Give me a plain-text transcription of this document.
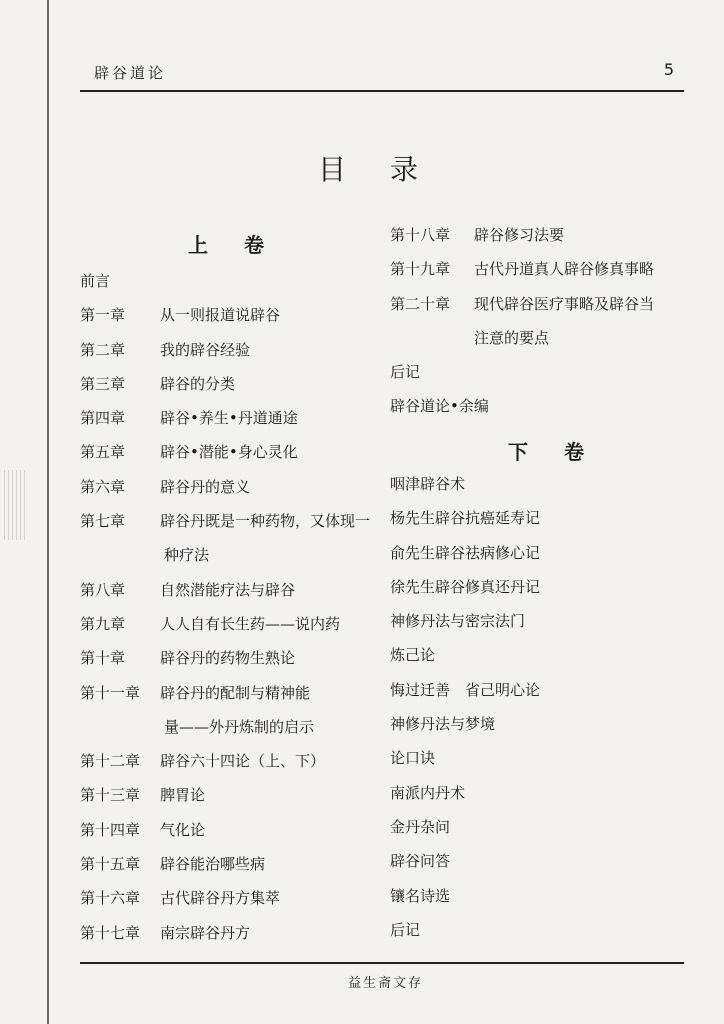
辟谷道论	5
目录
上卷
前言
第一章	从一则报道说辟谷
第二章	我的辟谷经验
第三章	辟谷的分类
第四章	辟谷•养生•丹道通途
第五章	辟谷•潜能•身心灵化
第六章	辟谷丹的意义
第七章	辟谷丹既是一种药物，又体现一
种疗法
第八章	自然潜能疗法与辟谷
第九章	人人自有长生药——说内药
第十章	辟谷丹的药物生熟论
第十一章	辟谷丹的配制与精神能
量——外丹炼制的启示
第十二章	辟谷六十四论（上、下）
第十三章	脾胃论
第十四章	气化论
第十五章	辟谷能治哪些病
第十六章	古代辟谷丹方集萃
第十七章	南宗辟谷丹方
第十八章	辟谷修习法要
第十九章	古代丹道真人辟谷修真事略
第二十章	现代辟谷医疗事略及辟谷当
注意的要点
后记
辟谷道论•余编
下卷
咽津辟谷术
杨先生辟谷抗癌延寿记
俞先生辟谷祛病修心记
徐先生辟谷修真还丹记
神修丹法与密宗法门
炼己论
悔过迁善　省己明心论
神修丹法与梦境
论口诀
南派内丹术
金丹杂问
辟谷问答
镶名诗选
后记
益生斋文存
